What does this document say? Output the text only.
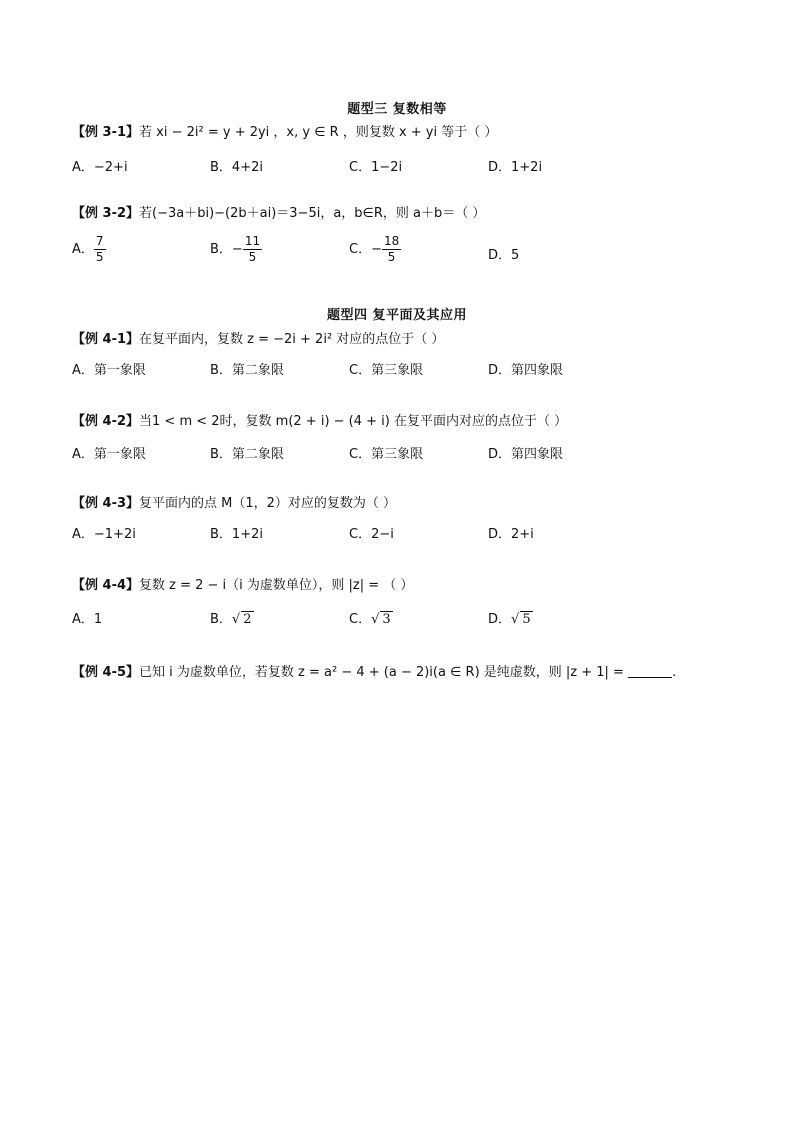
题型三 复数相等
【例 3-1】若 xi − 2i² = y + 2yi ，x, y ∈ R ，则复数 x + yi 等于（ ）
A．−2+i	B．4+2i	C．1−2i	D．1+2i
【例 3-2】若(−3a＋bi)−(2b＋ai)＝3−5i，a，b∈R，则 a＋b＝（ ）
A． $\frac{7}{5}$	B．− $\frac{11}{5}$	C．− $\frac{18}{5}$	D．5
题型四 复平面及其应用
【例 4-1】在复平面内，复数 z = −2i + 2i² 对应的点位于（ ）
A．第一象限	B．第二象限	C．第三象限	D．第四象限
【例 4-2】当1 < m < 2时，复数 m(2 + i) − (4 + i) 在复平面内对应的点位于（ ）
A．第一象限	B．第二象限	C．第三象限	D．第四象限
【例 4-3】复平面内的点 M（1，2）对应的复数为（ ）
A．−1+2i	B．1+2i	C．2−i	D．2+i
【例 4-4】复数 z = 2 − i（i 为虚数单位），则 |z| = （ ）
A．1	B．√ 2	C．√ 3	D．√ 5
【例 4-5】已知 i 为虚数单位，若复数 z = a² − 4 + (a − 2)i(a ∈ R) 是纯虚数，则 |z + 1| =	.
